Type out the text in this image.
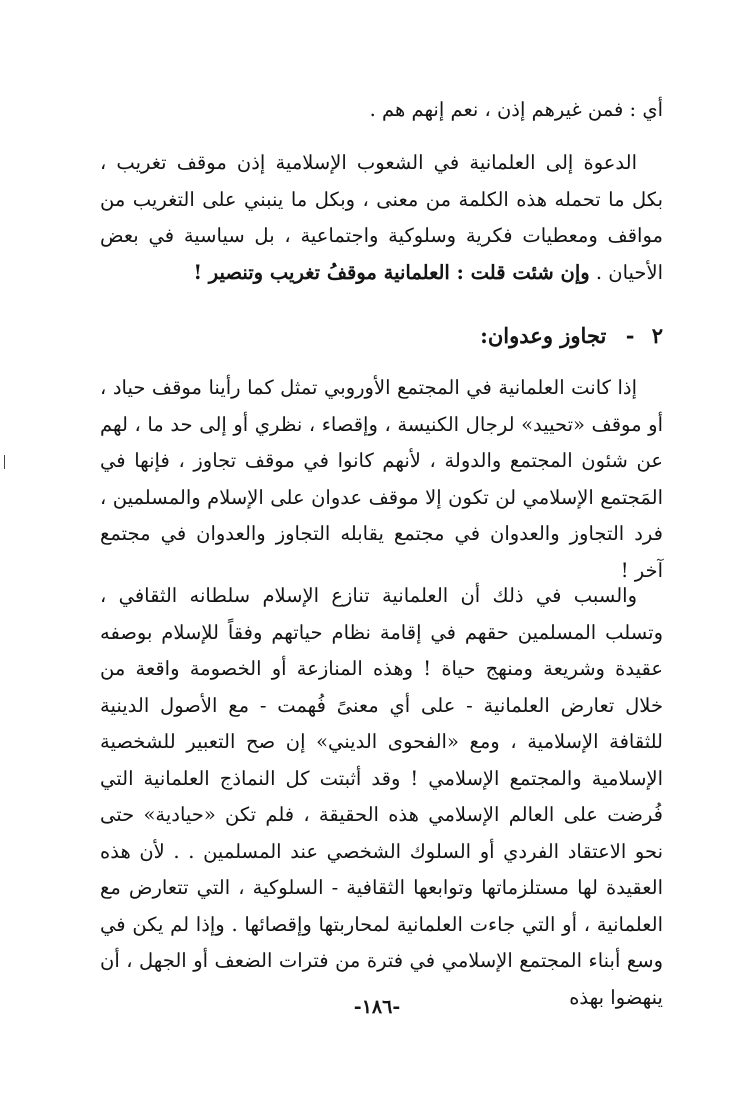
أي : فمن غيرهم إذن ، نعم إنهم هم .

الدعوة إلى العلمانية في الشعوب الإسلامية إذن موقف تغريب ، بكل ما تحمله هذه الكلمة من معنى ، وبكل ما ينبني على التغريب من مواقف ومعطيات فكرية وسلوكية واجتماعية ، بل سياسية في بعض الأحيان . وإن شئت قلت : العلمانية موقفُ تغريب وتنصير !

٢ - تجاوز وعدوان:

إذا كانت العلمانية في المجتمع الأوروبي تمثل كما رأينا موقف حياد ، أو موقف «تحييد» لرجال الكنيسة ، وإقصاء ، نظري أو إلى حد ما ، لهم عن شئون المجتمع والدولة ، لأنهم كانوا في موقف تجاوز ، فإنها في المَجتمع الإسلامي لن تكون إلا موقف عدوان على الإسلام والمسلمين ، فرد التجاوز والعدوان في مجتمع يقابله التجاوز والعدوان في مجتمع آخر !

والسبب في ذلك أن العلمانية تنازع الإسلام سلطانه الثقافي ، وتسلب المسلمين حقهم في إقامة نظام حياتهم وفقاً للإسلام بوصفه عقيدة وشريعة ومنهج حياة ! وهذه المنازعة أو الخصومة واقعة من خلال تعارض العلمانية - على أي معنىً فُهمت - مع الأصول الدينية للثقافة الإسلامية ، ومع «الفحوى الديني» إن صح التعبير للشخصية الإسلامية والمجتمع الإسلامي ! وقد أثبتت كل النماذج العلمانية التي فُرضت على العالم الإسلامي هذه الحقيقة ، فلم تكن «حيادية» حتى نحو الاعتقاد الفردي أو السلوك الشخصي عند المسلمين . . لأن هذه العقيدة لها مستلزماتها وتوابعها الثقافية - السلوكية ، التي تتعارض مع العلمانية ، أو التي جاءت العلمانية لمحاربتها وإقصائها . وإذا لم يكن في وسع أبناء المجتمع الإسلامي في فترة من فترات الضعف أو الجهل ، أن ينهضوا بهذه

-١٨٦-
